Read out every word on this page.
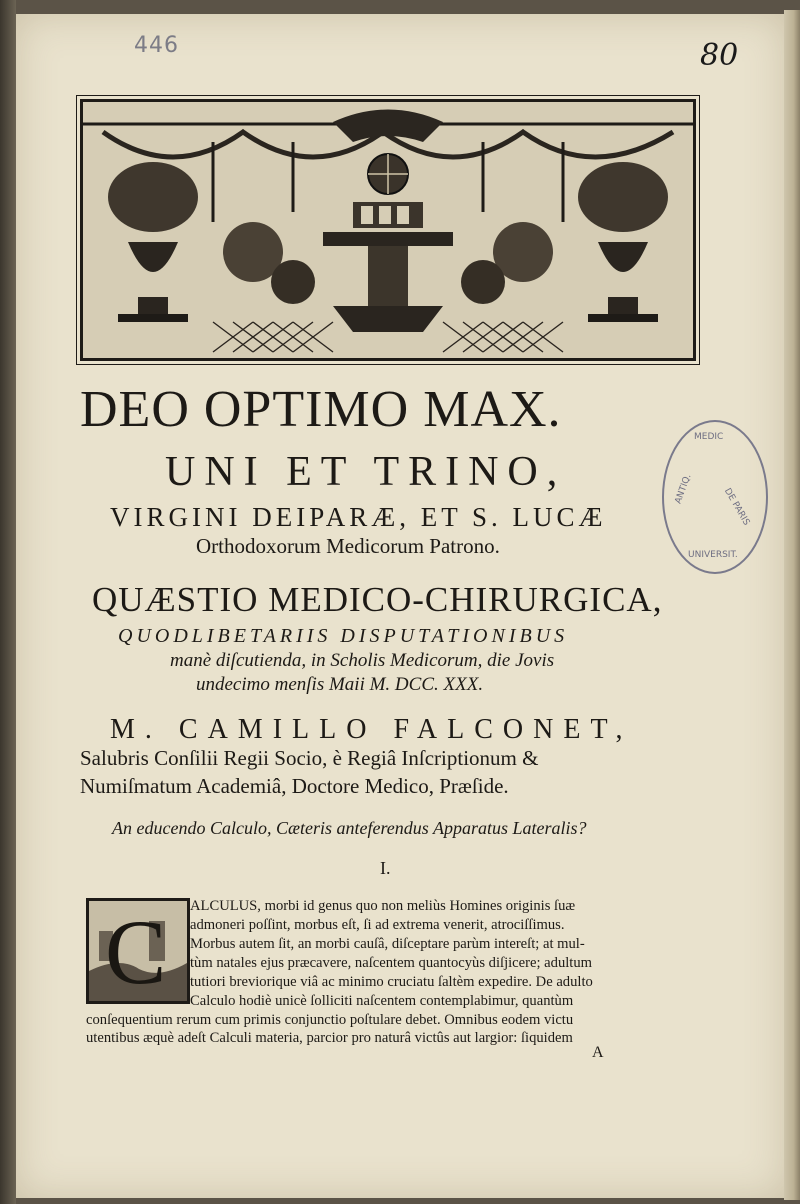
446	80
MEDIC
ANTIQ.	DE PARIS
UNIVERSIT.
DEO OPTIMO MAX.
UNI ET TRINO,
VIRGINI DEIPARÆ, ET S. LUCÆ
Orthodoxorum Medicorum Patrono.
QUÆSTIO MEDICO-CHIRURGICA,
QUODLIBETARIIS DISPUTATIONIBUS
manè diſcutienda, in Scholis Medicorum, die Jovis
undecimo menſis Maii M. DCC. XXX.
M. CAMILLO FALCONET,
Salubris Conſilii Regii Socio, è Regiâ Inſcriptionum &
Numiſmatum Academiâ, Doctore Medico, Præſide.
An educendo Calculo, Cæteris anteferendus Apparatus Lateralis?
I.
C ALCULUS, morbi id genus quo non meliùs Homines originis ſuæ
admoneri poſſint, morbus eſt, ſi ad extrema venerit, atrociſſimus.
Morbus autem ſit, an morbi cauſâ, diſceptare parùm intereſt; at mul-
tùm natales ejus præcavere, naſcentem quantocyùs diſjicere; adultum
tutiori breviorique viâ ac minimo cruciatu ſaltèm expedire. De adulto
Calculo hodiè unicè ſolliciti naſcentem contemplabimur, quantùm
conſequentium rerum cum primis conjunctio poſtulare debet. Omnibus eodem victu
utentibus æquè adeſt Calculi materia, parcior pro naturâ victûs aut largior: ſiquidem
A
